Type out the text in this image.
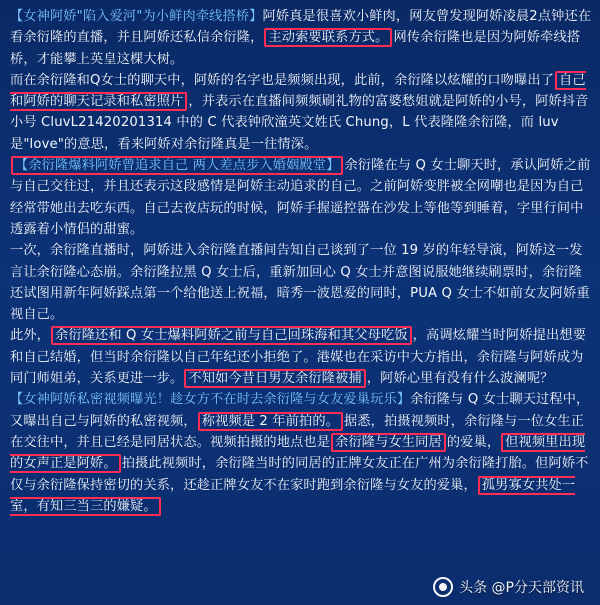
【女神阿娇"陷入爱河"为小鲜肉牵线搭桥】阿娇真是很喜欢小鲜肉，网友曾发现阿娇凌晨2点钟还在看余衍隆的直播，并且阿娇还私信余衍隆， 主动索要联系方式。 网传余衍隆也是因为阿娇牵线搭桥，才能攀上英皇这棵大树。

而在余衍隆和Q女士的聊天中，阿娇的名字也是频频出现，此前，余衍隆以炫耀的口吻曝出了 自己和阿娇的聊天记录和私密照片 ，并表示在直播间频频刷礼物的富婆愁姐就是阿娇的小号，阿娇抖音小号 CluvL21420201314 中的 C 代表钟欣潼英文姓氏 Chung，L 代表隆隆余衍隆，而 luv 是"love"的意思，看来阿娇对余衍隆真是一往情深。

【余衍隆爆料阿娇曾追求自己 两人差点步入婚姻殿堂】 余衍隆在与 Q 女士聊天时，承认阿娇之前与自己交往过，并且还表示这段感情是阿娇主动追求的自己。之前阿娇变胖被全网嘲也是因为自己经常带她出去吃东西。自己去夜店玩的时候，阿娇手握遥控器在沙发上等他等到睡着，字里行间中透露着小情侣的甜蜜。

一次，余衍隆直播时，阿娇进入余衍隆直播间告知自己谈到了一位 19 岁的年轻导演，阿娇这一发言让余衍隆心态崩。余衍隆拉黑 Q 女士后，重新加回心 Q 女士并意图说服她继续刷票时，余衍隆还试图用新年阿娇踩点第一个给他送上祝福，暗秀一波恩爱的同时，PUA Q 女士不如前女友阿娇重视自己。

此外， 余衍隆还和 Q 女士爆料阿娇之前与自己回珠海和其父母吃饭 ，高调炫耀当时阿娇提出想要和自己结婚，但当时余衍隆以自己年纪还小拒绝了。港媒也在采访中大方指出，余衍隆与阿娇成为同门师姐弟，关系更进一步。 不知如今昔日男友余衍隆被捕 ，阿娇心里有没有什么波澜呢？

【女神阿娇私密视频曝光！趁女方不在时去余衍隆与女友爱巢玩乐】余衍隆与 Q 女士聊天过程中，又曝出自己与阿娇的私密视频， 称视频是 2 年前拍的。 据悉，拍摄视频时，余衍隆与一位女生正在交往中，并且已经是同居状态。视频拍摄的地点也是 余衍隆与女生同居 的爱巢， 但视频里出现的女声正是阿娇。 拍摄此视频时，余衍隆当时的同居的正牌女友正在广州为余衍隆打胎。但阿娇不仅与余衍隆保持密切的关系，还趁正牌女友不在家时跑到余衍隆与女友的爱巢， 孤男寡女共处一室，有知三当三的嫌疑。

头条 @P分天部资讯
